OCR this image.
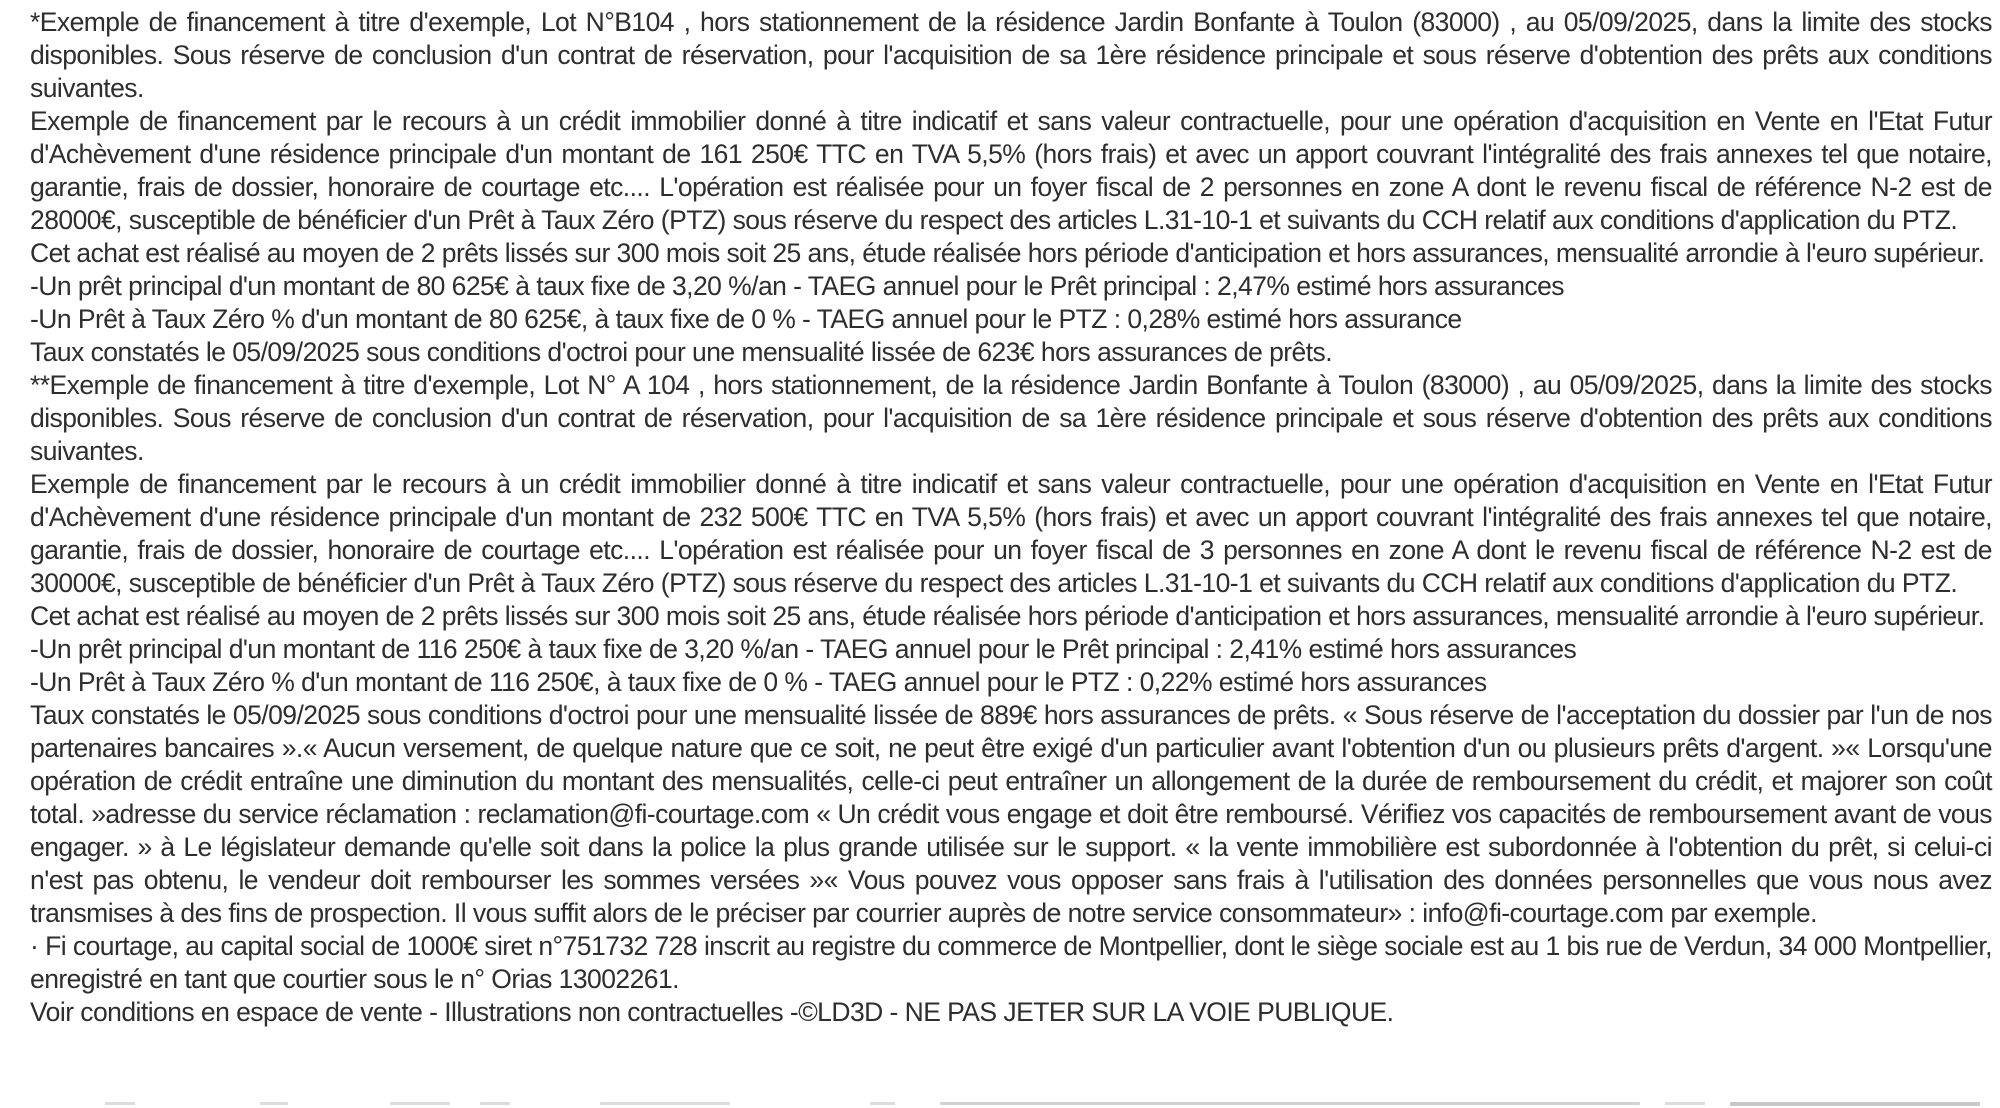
*Exemple de financement à titre d'exemple, Lot N°B104 , hors stationnement de la résidence Jardin Bonfante à Toulon (83000) , au 05/09/2025, dans la limite des stocks disponibles. Sous réserve de conclusion d'un contrat de réservation, pour l'acquisition de sa 1ère résidence principale et sous réserve d'obtention des prêts aux conditions suivantes.

Exemple de financement par le recours à un crédit immobilier donné à titre indicatif et sans valeur contractuelle, pour une opération d'acquisition en Vente en l'Etat Futur d'Achèvement d'une résidence principale d'un montant de 161 250€ TTC en TVA 5,5% (hors frais) et avec un apport couvrant l'intégralité des frais annexes tel que notaire, garantie, frais de dossier, honoraire de courtage etc.... L'opération est réalisée pour un foyer fiscal de 2 personnes en zone A dont le revenu fiscal de référence N-2 est de 28000€, susceptible de bénéficier d'un Prêt à Taux Zéro (PTZ) sous réserve du respect des articles L.31-10-1 et suivants du CCH relatif aux conditions d'application du PTZ.

Cet achat est réalisé au moyen de 2 prêts lissés sur 300 mois soit 25 ans, étude réalisée hors période d'anticipation et hors assurances, mensualité arrondie à l'euro supérieur.

-Un prêt principal d'un montant de 80 625€ à taux fixe de 3,20 %/an - TAEG annuel pour le Prêt principal : 2,47% estimé hors assurances

-Un Prêt à Taux Zéro % d'un montant de 80 625€, à taux fixe de 0 % - TAEG annuel pour le PTZ : 0,28% estimé hors assurance

Taux constatés le 05/09/2025 sous conditions d'octroi pour une mensualité lissée de 623€ hors assurances de prêts.

**Exemple de financement à titre d'exemple, Lot N° A 104 , hors stationnement, de la résidence Jardin Bonfante à Toulon (83000) , au 05/09/2025, dans la limite des stocks disponibles. Sous réserve de conclusion d'un contrat de réservation, pour l'acquisition de sa 1ère résidence principale et sous réserve d'obtention des prêts aux conditions suivantes.

Exemple de financement par le recours à un crédit immobilier donné à titre indicatif et sans valeur contractuelle, pour une opération d'acquisition en Vente en l'Etat Futur d'Achèvement d'une résidence principale d'un montant de 232 500€ TTC en TVA 5,5% (hors frais) et avec un apport couvrant l'intégralité des frais annexes tel que notaire, garantie, frais de dossier, honoraire de courtage etc.... L'opération est réalisée pour un foyer fiscal de 3 personnes en zone A dont le revenu fiscal de référence N-2 est de 30000€, susceptible de bénéficier d'un Prêt à Taux Zéro (PTZ) sous réserve du respect des articles L.31-10-1 et suivants du CCH relatif aux conditions d'application du PTZ.

Cet achat est réalisé au moyen de 2 prêts lissés sur 300 mois soit 25 ans, étude réalisée hors période d'anticipation et hors assurances, mensualité arrondie à l'euro supérieur.

-Un prêt principal d'un montant de 116 250€ à taux fixe de 3,20 %/an - TAEG annuel pour le Prêt principal : 2,41% estimé hors assurances

-Un Prêt à Taux Zéro % d'un montant de 116 250€, à taux fixe de 0 % - TAEG annuel pour le PTZ : 0,22% estimé hors assurances

Taux constatés le 05/09/2025 sous conditions d'octroi pour une mensualité lissée de 889€ hors assurances de prêts. « Sous réserve de l'acceptation du dossier par l'un de nos partenaires bancaires ».« Aucun versement, de quelque nature que ce soit, ne peut être exigé d'un particulier avant l'obtention d'un ou plusieurs prêts d'argent. »« Lorsqu'une opération de crédit entraîne une diminution du montant des mensualités, celle-ci peut entraîner un allongement de la durée de remboursement du crédit, et majorer son coût total. »adresse du service réclamation : reclamation@fi-courtage.com « Un crédit vous engage et doit être remboursé. Vérifiez vos capacités de remboursement avant de vous engager. » à Le législateur demande qu'elle soit dans la police la plus grande utilisée sur le support. « la vente immobilière est subordonnée à l'obtention du prêt, si celui-ci n'est pas obtenu, le vendeur doit rembourser les sommes versées »« Vous pouvez vous opposer sans frais à l'utilisation des données personnelles que vous nous avez transmises à des fins de prospection. Il vous suffit alors de le préciser par courrier auprès de notre service consommateur» : info@fi-courtage.com par exemple.

· Fi courtage, au capital social de 1000€ siret n°751732 728 inscrit au registre du commerce de Montpellier, dont le siège sociale est au 1 bis rue de Verdun, 34 000 Montpellier, enregistré en tant que courtier sous le n° Orias 13002261.

Voir conditions en espace de vente - Illustrations non contractuelles -©LD3D - NE PAS JETER SUR LA VOIE PUBLIQUE.
